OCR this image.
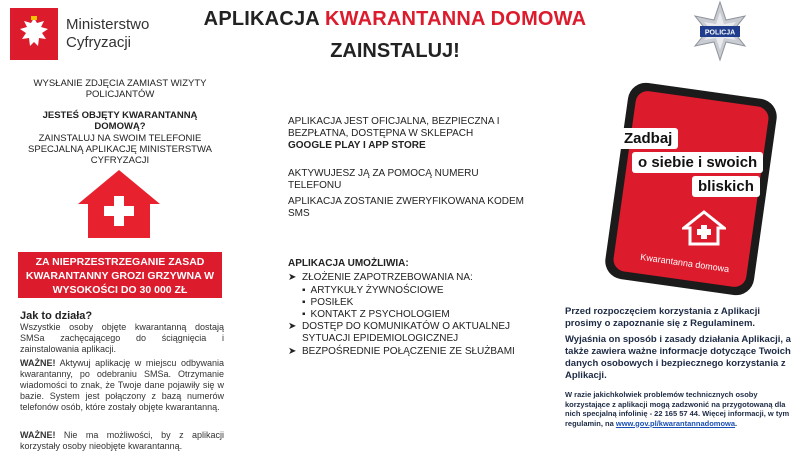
Ministerstwo
Cyfryzacji
APLIKACJA KWARANTANNA DOMOWA
ZAINSTALUJ!
POLICJA
WYSŁANIE ZDJĘCIA ZAMIAST WIZYTY POLICJANTÓW
JESTEŚ OBJĘTY KWARANTANNĄ DOMOWĄ?
ZAINSTALUJ NA SWOIM TELEFONIE SPECJALNĄ APLIKACJĘ MINISTERSTWA CYFRYZACJI
ZA NIEPRZESTRZEGANIE ZASAD KWARANTANNY GROZI GRZYWNA W WYSOKOŚCI DO 30 000 ZŁ
Jak to działa?
Wszystkie osoby objęte kwarantanną dostają SMSa zachęcającego do ściągnięcia i zainstalowania aplikacji.
WAŻNE! Aktywuj aplikację w miejscu odbywania kwarantanny, po odebraniu SMSa. Otrzymanie wiadomości to znak, że Twoje dane pojawiły się w bazie. System jest połączony z bazą numerów telefonów osób, które zostały objęte kwarantanną.
WAŻNE! Nie ma możliwości, by z aplikacji korzystały osoby nieobjęte kwarantanną.
APLIKACJA JEST OFICJALNA, BEZPIECZNA I BEZPŁATNA, DOSTĘPNA W SKLEPACH
GOOGLE PLAY I APP STORE
AKTYWUJESZ JĄ ZA POMOCĄ NUMERU TELEFONU
APLIKACJA ZOSTANIE ZWERYFIKOWANA KODEM SMS
APLIKACJA UMOŻLIWIA:
➤ ZŁOŻENIE ZAPOTRZEBOWANIA NA:
▪ ARTYKUŁY ŻYWNOŚCIOWE
▪ POSIŁEK
▪ KONTAKT Z PSYCHOLOGIEM
➤ DOSTĘP DO KOMUNIKATÓW O AKTUALNEJ SYTUACJI EPIDEMIOLOGICZNEJ
➤ BEZPOŚREDNIE POŁĄCZENIE ZE SŁUŻBAMI
Zadbaj
o siebie i swoich
bliskich
Kwarantanna domowa
Przed rozpoczęciem korzystania z Aplikacji prosimy o zapoznanie się z Regulaminem.
Wyjaśnia on sposób i zasady działania Aplikacji, a także zawiera ważne informacje dotyczące Twoich danych osobowych i bezpiecznego korzystania z Aplikacji.
W razie jakichkolwiek problemów technicznych osoby korzystające z aplikacji mogą zadzwonić na przygotowaną dla nich specjalną infolinię - 22 165 57 44. Więcej informacji, w tym regulamin, na www.gov.pl/kwarantannadomowa.
